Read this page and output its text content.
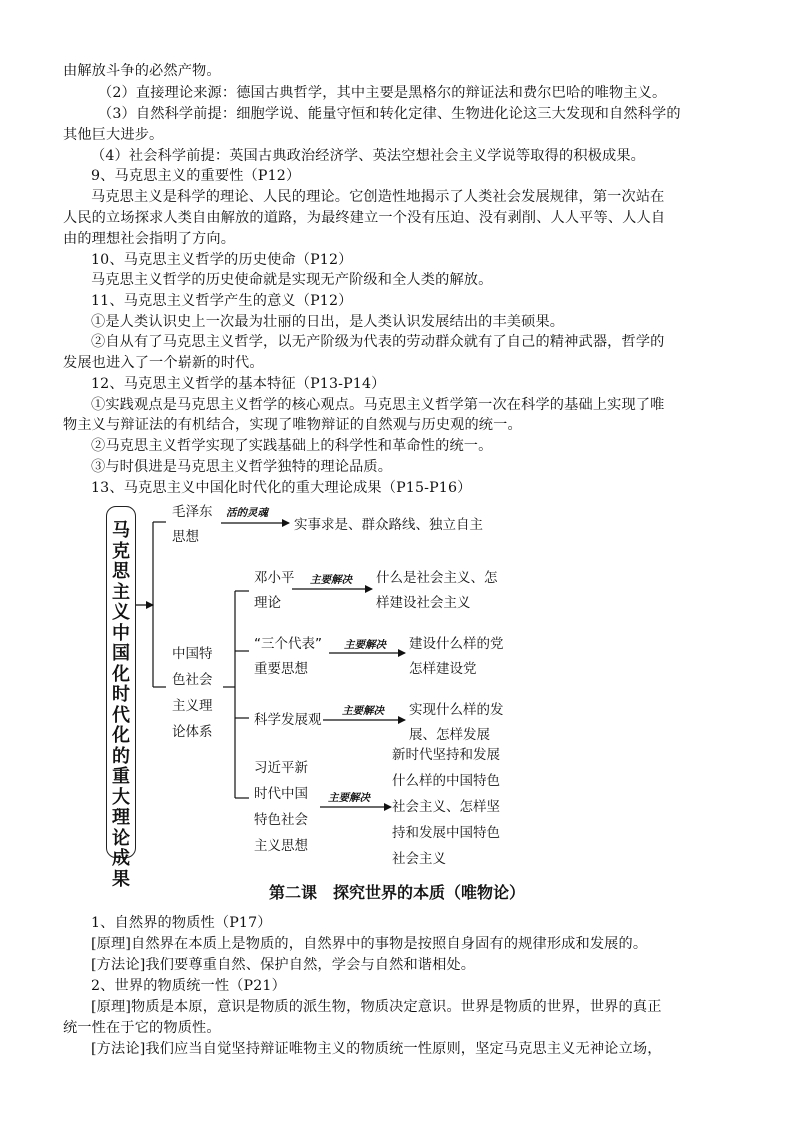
由解放斗争的必然产物。
（2）直接理论来源：德国古典哲学，其中主要是黑格尔的辩证法和费尔巴哈的唯物主义。
（3）自然科学前提：细胞学说、能量守恒和转化定律、生物进化论这三大发现和自然科学的
其他巨大进步。
（4）社会科学前提：英国古典政治经济学、英法空想社会主义学说等取得的积极成果。
9、马克思主义的重要性（P12）
马克思主义是科学的理论、人民的理论。它创造性地揭示了人类社会发展规律，第一次站在
人民的立场探求人类自由解放的道路，为最终建立一个没有压迫、没有剥削、人人平等、人人自
由的理想社会指明了方向。
10、马克思主义哲学的历史使命（P12）
马克思主义哲学的历史使命就是实现无产阶级和全人类的解放。
11、马克思主义哲学产生的意义（P12）
①是人类认识史上一次最为壮丽的日出，是人类认识发展结出的丰美硕果。
②自从有了马克思主义哲学，以无产阶级为代表的劳动群众就有了自己的精神武器，哲学的
发展也进入了一个崭新的时代。
12、马克思主义哲学的基本特征（P13-P14）
①实践观点是马克思主义哲学的核心观点。马克思主义哲学第一次在科学的基础上实现了唯
物主义与辩证法的有机结合，实现了唯物辩证的自然观与历史观的统一。
②马克思主义哲学实现了实践基础上的科学性和革命性的统一。
③与时俱进是马克思主义哲学独特的理论品质。
13、马克思主义中国化时代化的重大理论成果（P15-P16）
马克思主义中国化时代化的重大理论成果
毛泽东
思想
活的灵魂
实事求是、群众路线、独立自主
中国特
色社会
主义理
论体系
邓小平
理论
主要解决 什么是社会主义、怎
样建设社会主义
“三个代表”
重要思想
主要解决 建设什么样的党
怎样建设党
科学发展观
主要解决 实现什么样的发
展、怎样发展
习近平新
时代中国
特色社会
主义思想
主要解决
新时代坚持和发展
什么样的中国特色
社会主义、怎样坚
持和发展中国特色
社会主义
第二课　探究世界的本质（唯物论）
1、自然界的物质性（P17）
[原理]自然界在本质上是物质的，自然界中的事物是按照自身固有的规律形成和发展的。
[方法论]我们要尊重自然、保护自然，学会与自然和谐相处。
2、世界的物质统一性（P21）
[原理]物质是本原，意识是物质的派生物，物质决定意识。世界是物质的世界，世界的真正
统一性在于它的物质性。
[方法论]我们应当自觉坚持辩证唯物主义的物质统一性原则，坚定马克思主义无神论立场，
